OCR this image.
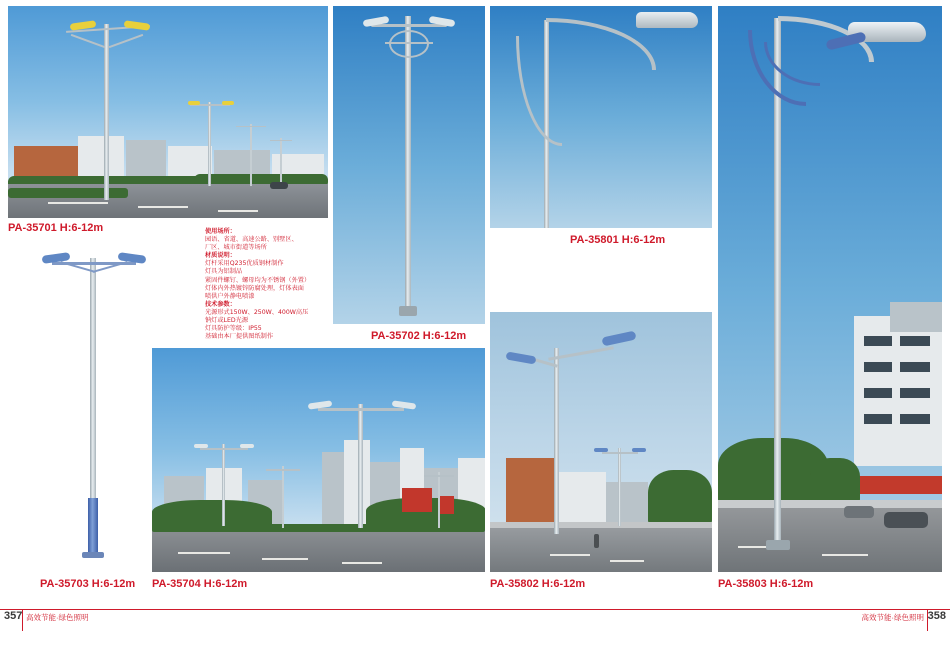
PA-35701 H:6-12m
PA-35702 H:6-12m

使用场所：

园语、省道、高速公路、别墅区、

厂区、城市街道等场所

材质说明：

灯杆采用Q235优质钢材制作

灯具为铝制品

紧固件螺钉、螺母均为不锈钢（外置）

灯体内外热镀锌防腐处理，灯体表面

喷供户外静电喷漆

技术参数：

光源形式150W、250W、400W高压

钠灯或LED光源

灯具防护等级：IP55

基础由本厂提供图纸制作

PA-35703 H:6-12m PA-35704 H:6-12m
PA-35801 H:6-12m
PA-35802 H:6-12m	PA-35803 H:6-12m
357 高效节能·绿色照明	358
高效节能·绿色照明
